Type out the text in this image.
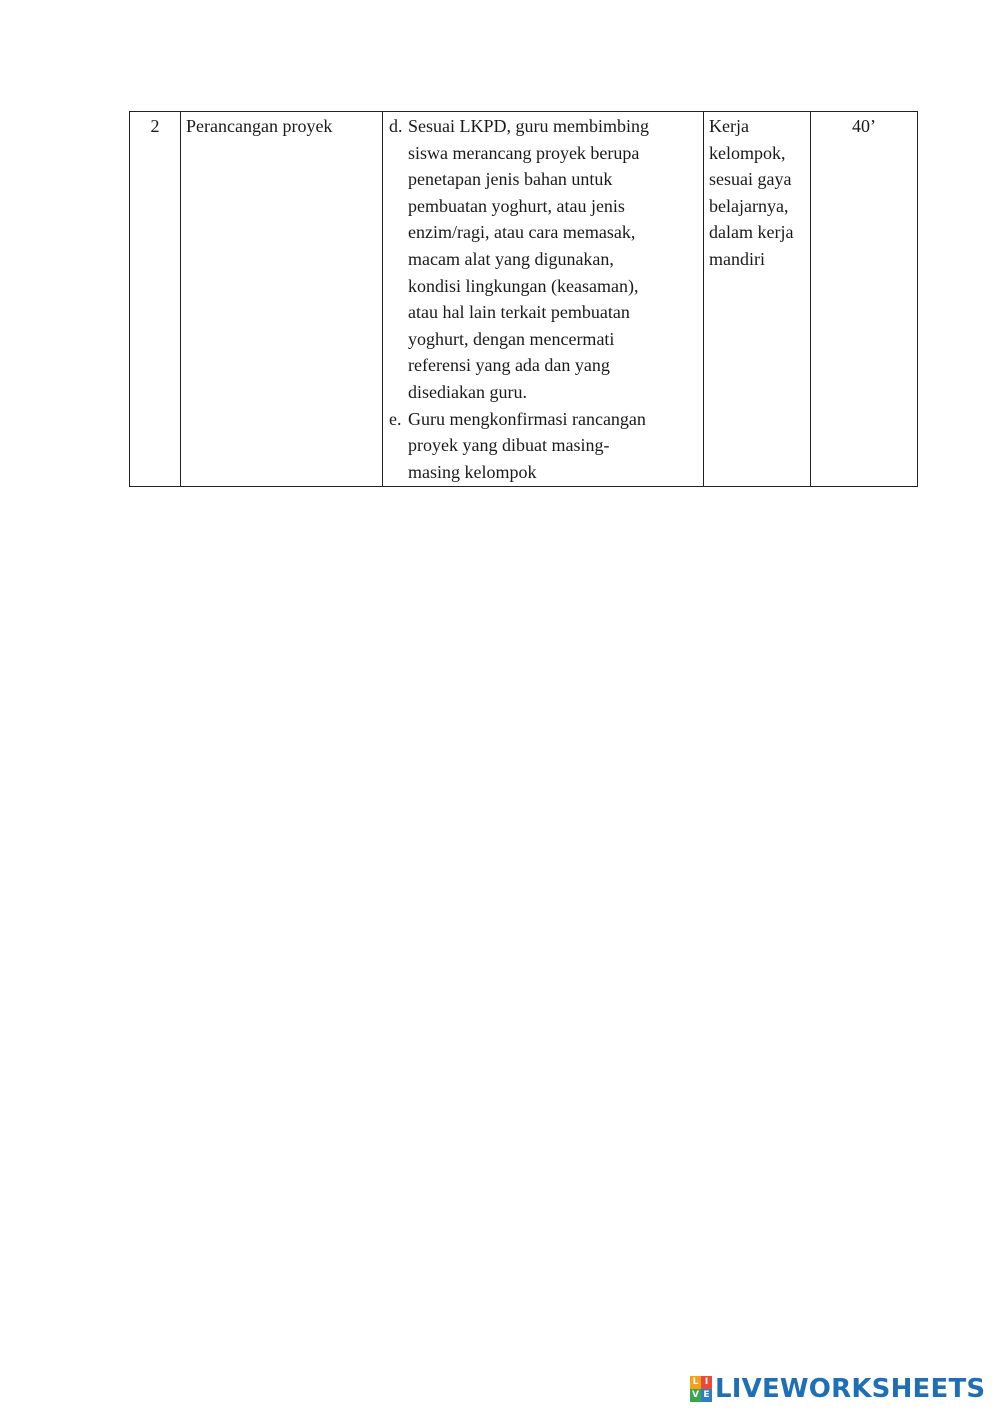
2	Perancangan proyek	d. Sesuai LKPD, guru membimbing
siswa merancang proyek berupa
penetapan jenis bahan untuk
pembuatan yoghurt, atau jenis
enzim/ragi, atau cara memasak,
macam alat yang digunakan,
kondisi lingkungan (keasaman),
atau hal lain terkait pembuatan
yoghurt, dengan mencermati
referensi yang ada dan yang
disediakan guru.
e. Guru mengkonfirmasi rancangan
proyek yang dibuat masing-
masing kelompok
	Kerja
kelompok,
sesuai gaya
belajarnya,
dalam kerja
mandiri	40’
L I
V E LIVEWORKSHEETS
